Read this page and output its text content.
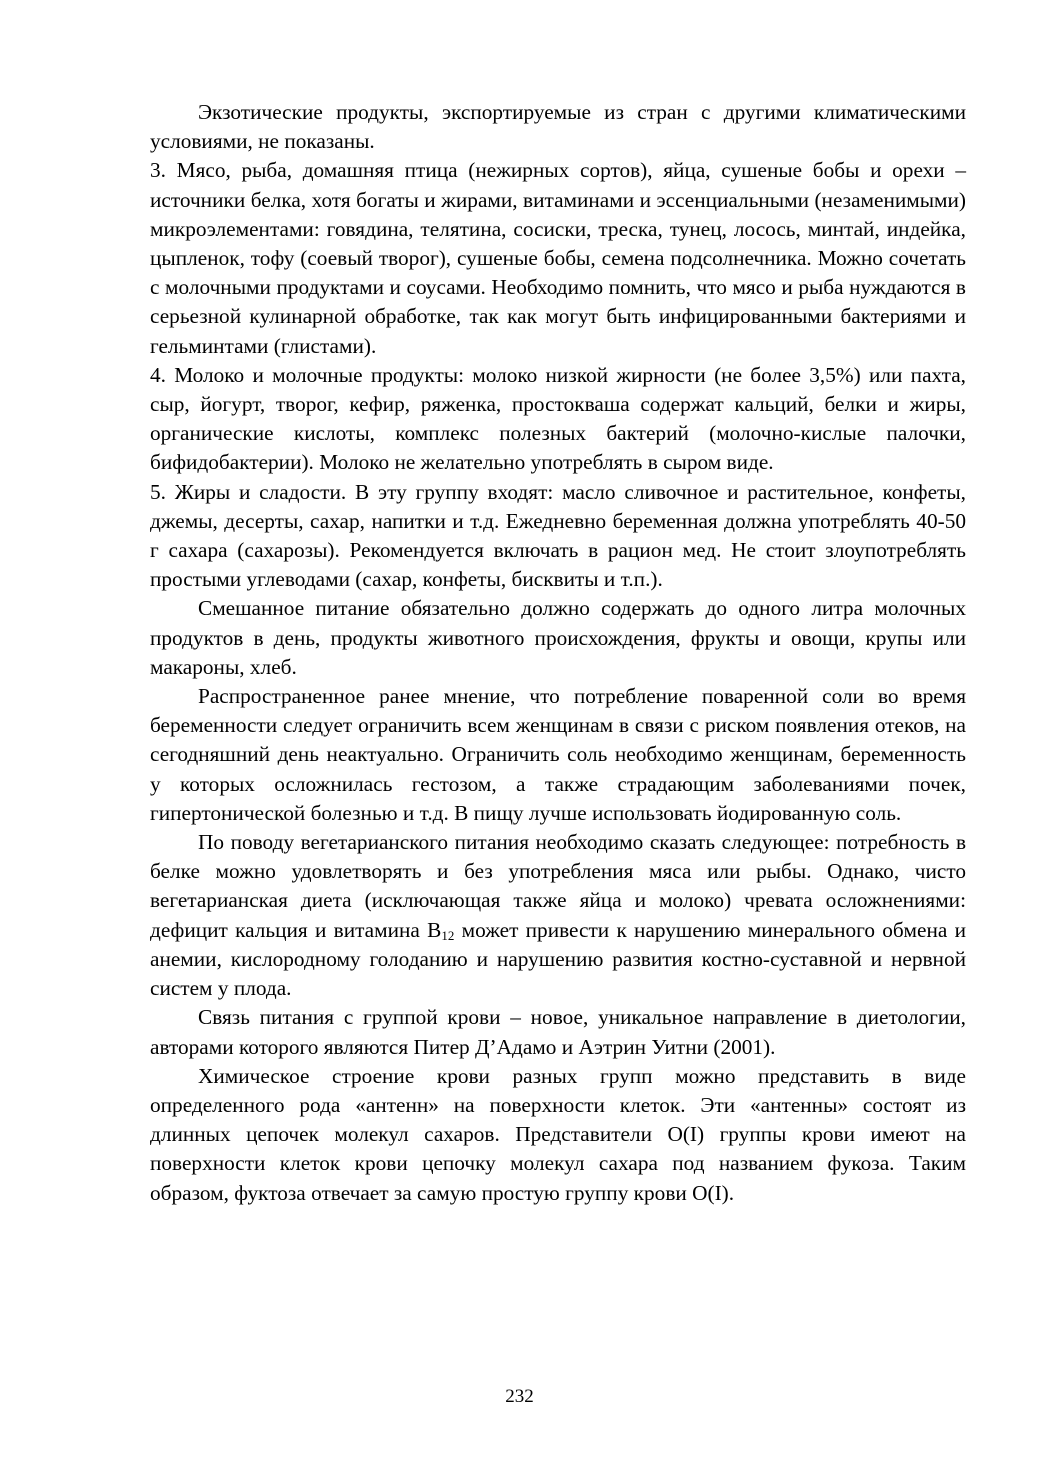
Экзотические продукты, экспортируемые из стран с другими климатическими условиями, не показаны.

3. Мясо, рыба, домашняя птица (нежирных сортов), яйца, сушеные бобы и орехи – источники белка, хотя богаты и жирами, витаминами и эссенциальными (незаменимыми) микроэлементами: говядина, телятина, сосиски, треска, тунец, лосось, минтай, индейка, цыпленок, тофу (соевый творог), сушеные бобы, семена подсолнечника. Можно сочетать с молочными продуктами и соусами. Необходимо помнить, что мясо и рыба нуждаются в серьезной кулинарной обработке, так как могут быть инфицированными бактериями и гельминтами (глистами).

4. Молоко и молочные продукты: молоко низкой жирности (не более 3,5%) или пахта, сыр, йогурт, творог, кефир, ряженка, простокваша содержат кальций, белки и жиры, органические кислоты, комплекс полезных бактерий (молочно-кислые палочки, бифидобактерии). Молоко не желательно употреблять в сыром виде.

5. Жиры и сладости. В эту группу входят: масло сливочное и растительное, конфеты, джемы, десерты, сахар, напитки и т.д. Ежедневно беременная должна употреблять 40-50 г сахара (сахарозы). Рекомендуется включать в рацион мед. Не стоит злоупотреблять простыми углеводами (сахар, конфеты, бисквиты и т.п.).

Смешанное питание обязательно должно содержать до одного литра молочных продуктов в день, продукты животного происхождения, фрукты и овощи, крупы или макароны, хлеб.

Распространенное ранее мнение, что потребление поваренной соли во время беременности следует ограничить всем женщинам в связи с риском появления отеков, на сегодняшний день неактуально. Ограничить соль необходимо женщинам, беременность у которых осложнилась гестозом, а также страдающим заболеваниями почек, гипертонической болезнью и т.д. В пищу лучше использовать йодированную соль.

По поводу вегетарианского питания необходимо сказать следующее: потребность в белке можно удовлетворять и без употребления мяса или рыбы. Однако, чисто вегетарианская диета (исключающая также яйца и молоко) чревата осложнениями: дефицит кальция и витамина $B_{12}$ может привести к нарушению минерального обмена и анемии, кислородному голоданию и нарушению развития костно-суставной и нервной систем у плода.

Связь питания с группой крови – новое, уникальное направление в диетологии, авторами которого являются Питер Д’Адамо и Аэтрин Уитни (2001).

Химическое строение крови разных групп можно представить в виде определенного рода «антенн» на поверхности клеток. Эти «антенны» состоят из длинных цепочек молекул сахаров. Представители O(I) группы крови имеют на поверхности клеток крови цепочку молекул сахара под названием фукоза. Таким образом, фуктоза отвечает за самую простую группу крови O(I).

232
